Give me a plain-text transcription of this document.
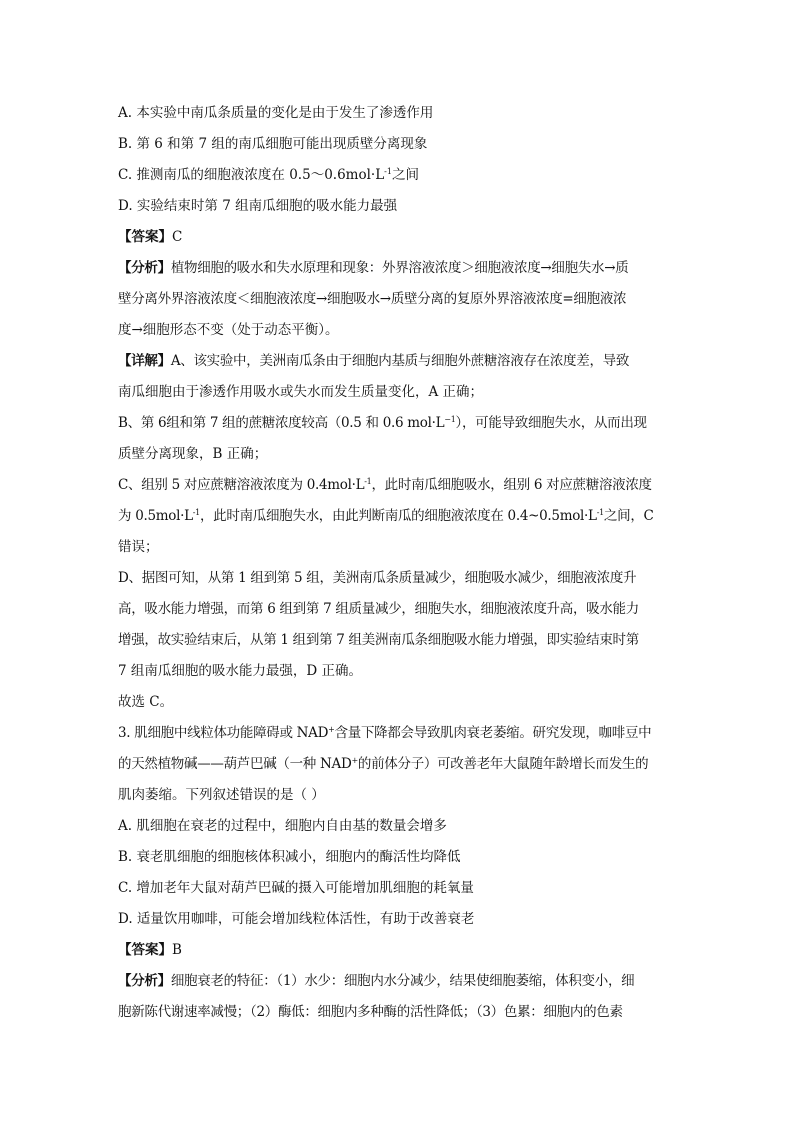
A. 本实验中南瓜条质量的变化是由于发生了渗透作用
B. 第 6 和第 7 组的南瓜细胞可能出现质壁分离现象
C. 推测南瓜的细胞液浓度在 $0.5\sim 0.6mol\cdot L^{-1}$之间
D. 实验结束时第 7 组南瓜细胞的吸水能力最强
【答案】C
【分析】植物细胞的吸水和失水原理和现象：外界溶液浓度＞细胞液浓度→细胞失水→质
壁分离外界溶液浓度＜细胞液浓度→细胞吸水→质壁分离的复原外界溶液浓度=细胞液浓
度→细胞形态不变（处于动态平衡）。
【详解】A、该实验中，美洲南瓜条由于细胞内基质与细胞外蔗糖溶液存在浓度差，导致
南瓜细胞由于渗透作用吸水或失水而发生质量变化，A 正确；
B、第 6组和第 7 组的蔗糖浓度较高（0.5 和 0.6 $mol\cdot L^{-1}$），可能导致细胞失水，从而出现
质壁分离现象，B 正确；
C、组别 5 对应蔗糖溶液浓度为 $0.4mol\cdot L^{-1}$，此时南瓜细胞吸水，组别 6 对应蔗糖溶液浓度
为 $0.5mol\cdot L^{-1}$，此时南瓜细胞失水，由此判断南瓜的细胞液浓度在 $0.4\sim 0.5mol\cdot L^{-1}$之间，C
错误；
D、据图可知，从第 1 组到第 5 组，美洲南瓜条质量减少，细胞吸水减少，细胞液浓度升
高，吸水能力增强，而第 6 组到第 7 组质量减少，细胞失水，细胞液浓度升高，吸水能力
增强，故实验结束后，从第 1 组到第 7 组美洲南瓜条细胞吸水能力增强，即实验结束时第
7 组南瓜细胞的吸水能力最强，D 正确。
故选 C。
3. 肌细胞中线粒体功能障碍或 NAD+含量下降都会导致肌肉衰老萎缩。研究发现，咖啡豆中
的天然植物碱——葫芦巴碱（一种 NAD+的前体分子）可改善老年大鼠随年龄增长而发生的
肌肉萎缩。下列叙述错误的是（ ）
A. 肌细胞在衰老的过程中，细胞内自由基的数量会增多
B. 衰老肌细胞的细胞核体积减小，细胞内的酶活性均降低
C. 增加老年大鼠对葫芦巴碱的摄入可能增加肌细胞的耗氧量
D. 适量饮用咖啡，可能会增加线粒体活性，有助于改善衰老
【答案】B
【分析】细胞衰老的特征：（1）水少：细胞内水分减少，结果使细胞萎缩，体积变小，细
胞新陈代谢速率减慢；（2）酶低：细胞内多种酶的活性降低；（3）色累：细胞内的色素
